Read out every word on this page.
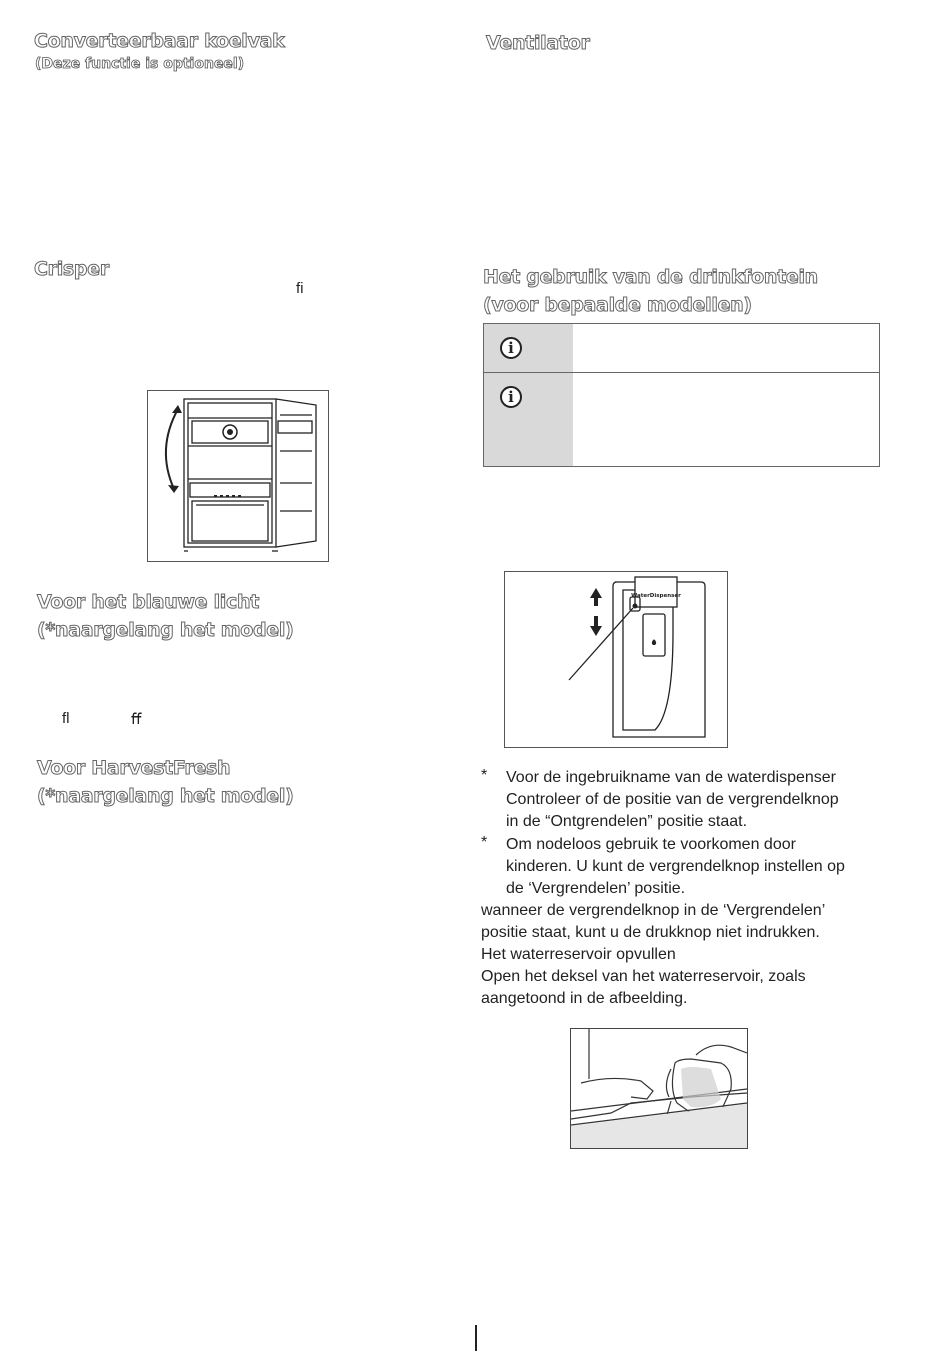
Converteerbaar koelvak
(Deze functie is optioneel)
Crisper
ﬁ
Voor het blauwe licht
(*naargelang het model)
ﬂ	ﬀ
Voor HarvestFresh
(*naargelang het model)
Ventilator
Het gebruik van de drinkfontein
(voor bepaalde modellen)
i
i
WaterDispenser
* Voor de ingebruikname van de waterdispenser
Controleer of de positie van de vergrendelknop
in de “Ontgrendelen” positie staat.
* Om nodeloos gebruik te voorkomen door
kinderen. U kunt de vergrendelknop instellen op
de ‘Vergrendelen’ positie.
wanneer de vergrendelknop in de ‘Vergrendelen’
positie staat, kunt u de drukknop niet indrukken.
Het waterreservoir opvullen
Open het deksel van het waterreservoir, zoals
aangetoond in de afbeelding.
